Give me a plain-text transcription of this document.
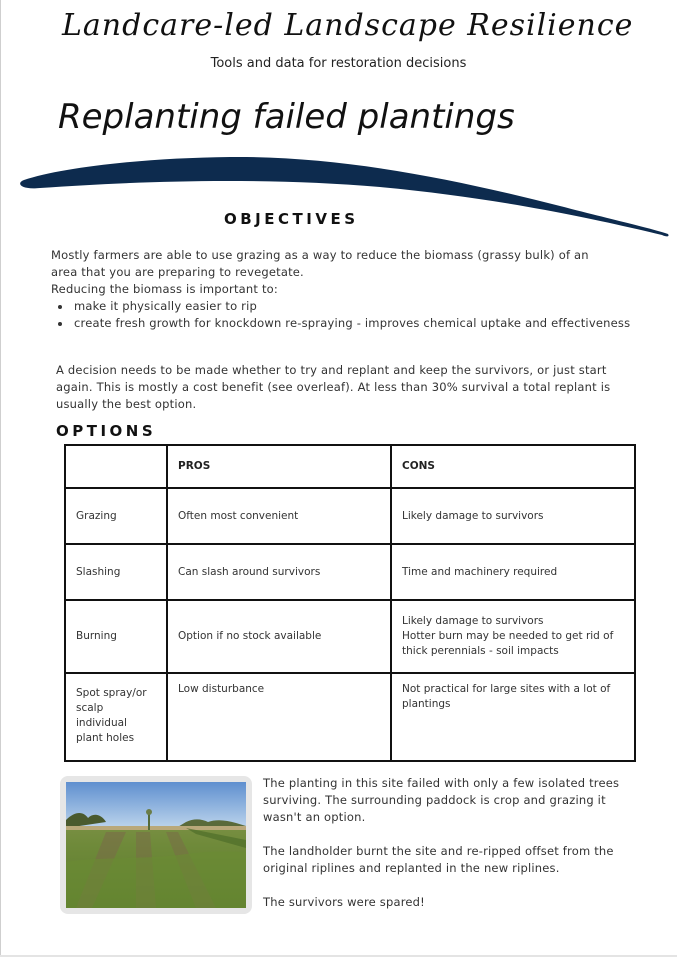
Landcare-led Landscape Resilience
Tools and data for restoration decisions
Replanting failed plantings
OBJECTIVES
Mostly farmers are able to use grazing as a way to reduce the biomass (grassy bulk) of an
area that you are preparing to revegetate.
Reducing the biomass is important to:
• make it physically easier to rip
• create fresh growth for knockdown re-spraying - improves chemical uptake and effectiveness
A decision needs to be made whether to try and replant and keep the survivors, or just start again. This is mostly a cost benefit (see overleaf). At less than 30% survival a total replant is usually the best option.
OPTIONS
	PROS	CONS
Grazing	Often most convenient	Likely damage to survivors
Slashing	Can slash around survivors	Time and machinery required
Burning	Option if no stock available	Likely damage to survivors
Hotter burn may be needed to get rid of thick perennials - soil impacts
Spot spray/or scalp individual plant holes	Low disturbance	Not practical for large sites with a lot of plantings

The planting in this site failed with only a few isolated trees surviving. The surrounding paddock is crop and grazing it wasn't an option.

The landholder burnt the site and re-ripped offset from the original riplines and replanted in the new riplines.

The survivors were spared!
